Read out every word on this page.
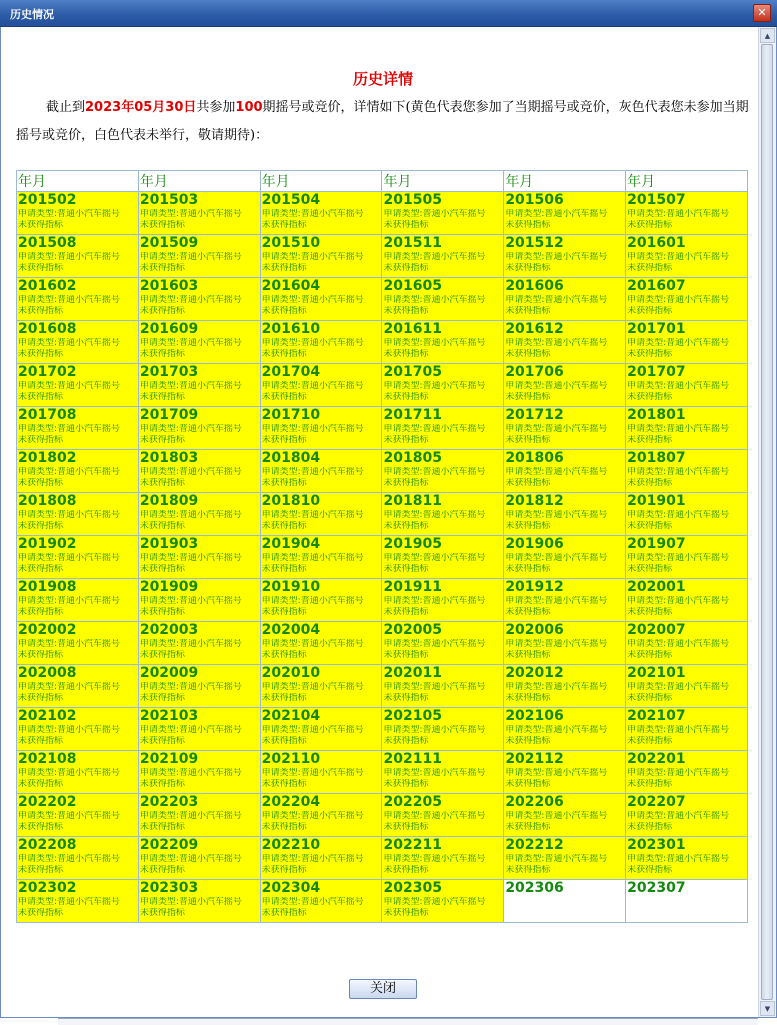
历史情况	✕
历史详情
截止到2023年05月30日共参加100期摇号或竞价，详情如下(黄色代表您参加了当期摇号或竞价，灰色代表您未参加当期摇号或竞价，白色代表未举行，敬请期待)：
年月	年月	年月	年月	年月	年月

201502
申请类型:普通小汽车摇号
未获得指标	201503
申请类型:普通小汽车摇号
未获得指标	201504
申请类型:普通小汽车摇号
未获得指标	201505
申请类型:普通小汽车摇号
未获得指标	201506
申请类型:普通小汽车摇号
未获得指标	201507
申请类型:普通小汽车摇号
未获得指标

201508
申请类型:普通小汽车摇号
未获得指标	201509
申请类型:普通小汽车摇号
未获得指标	201510
申请类型:普通小汽车摇号
未获得指标	201511
申请类型:普通小汽车摇号
未获得指标	201512
申请类型:普通小汽车摇号
未获得指标	201601
申请类型:普通小汽车摇号
未获得指标

201602
申请类型:普通小汽车摇号
未获得指标	201603
申请类型:普通小汽车摇号
未获得指标	201604
申请类型:普通小汽车摇号
未获得指标	201605
申请类型:普通小汽车摇号
未获得指标	201606
申请类型:普通小汽车摇号
未获得指标	201607
申请类型:普通小汽车摇号
未获得指标

201608
申请类型:普通小汽车摇号
未获得指标	201609
申请类型:普通小汽车摇号
未获得指标	201610
申请类型:普通小汽车摇号
未获得指标	201611
申请类型:普通小汽车摇号
未获得指标	201612
申请类型:普通小汽车摇号
未获得指标	201701
申请类型:普通小汽车摇号
未获得指标

201702
申请类型:普通小汽车摇号
未获得指标	201703
申请类型:普通小汽车摇号
未获得指标	201704
申请类型:普通小汽车摇号
未获得指标	201705
申请类型:普通小汽车摇号
未获得指标	201706
申请类型:普通小汽车摇号
未获得指标	201707
申请类型:普通小汽车摇号
未获得指标

201708
申请类型:普通小汽车摇号
未获得指标	201709
申请类型:普通小汽车摇号
未获得指标	201710
申请类型:普通小汽车摇号
未获得指标	201711
申请类型:普通小汽车摇号
未获得指标	201712
申请类型:普通小汽车摇号
未获得指标	201801
申请类型:普通小汽车摇号
未获得指标

201802
申请类型:普通小汽车摇号
未获得指标	201803
申请类型:普通小汽车摇号
未获得指标	201804
申请类型:普通小汽车摇号
未获得指标	201805
申请类型:普通小汽车摇号
未获得指标	201806
申请类型:普通小汽车摇号
未获得指标	201807
申请类型:普通小汽车摇号
未获得指标

201808
申请类型:普通小汽车摇号
未获得指标	201809
申请类型:普通小汽车摇号
未获得指标	201810
申请类型:普通小汽车摇号
未获得指标	201811
申请类型:普通小汽车摇号
未获得指标	201812
申请类型:普通小汽车摇号
未获得指标	201901
申请类型:普通小汽车摇号
未获得指标

201902
申请类型:普通小汽车摇号
未获得指标	201903
申请类型:普通小汽车摇号
未获得指标	201904
申请类型:普通小汽车摇号
未获得指标	201905
申请类型:普通小汽车摇号
未获得指标	201906
申请类型:普通小汽车摇号
未获得指标	201907
申请类型:普通小汽车摇号
未获得指标

201908
申请类型:普通小汽车摇号
未获得指标	201909
申请类型:普通小汽车摇号
未获得指标	201910
申请类型:普通小汽车摇号
未获得指标	201911
申请类型:普通小汽车摇号
未获得指标	201912
申请类型:普通小汽车摇号
未获得指标	202001
申请类型:普通小汽车摇号
未获得指标

202002
申请类型:普通小汽车摇号
未获得指标	202003
申请类型:普通小汽车摇号
未获得指标	202004
申请类型:普通小汽车摇号
未获得指标	202005
申请类型:普通小汽车摇号
未获得指标	202006
申请类型:普通小汽车摇号
未获得指标	202007
申请类型:普通小汽车摇号
未获得指标

202008
申请类型:普通小汽车摇号
未获得指标	202009
申请类型:普通小汽车摇号
未获得指标	202010
申请类型:普通小汽车摇号
未获得指标	202011
申请类型:普通小汽车摇号
未获得指标	202012
申请类型:普通小汽车摇号
未获得指标	202101
申请类型:普通小汽车摇号
未获得指标

202102
申请类型:普通小汽车摇号
未获得指标	202103
申请类型:普通小汽车摇号
未获得指标	202104
申请类型:普通小汽车摇号
未获得指标	202105
申请类型:普通小汽车摇号
未获得指标	202106
申请类型:普通小汽车摇号
未获得指标	202107
申请类型:普通小汽车摇号
未获得指标

202108
申请类型:普通小汽车摇号
未获得指标	202109
申请类型:普通小汽车摇号
未获得指标	202110
申请类型:普通小汽车摇号
未获得指标	202111
申请类型:普通小汽车摇号
未获得指标	202112
申请类型:普通小汽车摇号
未获得指标	202201
申请类型:普通小汽车摇号
未获得指标

202202
申请类型:普通小汽车摇号
未获得指标	202203
申请类型:普通小汽车摇号
未获得指标	202204
申请类型:普通小汽车摇号
未获得指标	202205
申请类型:普通小汽车摇号
未获得指标	202206
申请类型:普通小汽车摇号
未获得指标	202207
申请类型:普通小汽车摇号
未获得指标

202208
申请类型:普通小汽车摇号
未获得指标	202209
申请类型:普通小汽车摇号
未获得指标	202210
申请类型:普通小汽车摇号
未获得指标	202211
申请类型:普通小汽车摇号
未获得指标	202212
申请类型:普通小汽车摇号
未获得指标	202301
申请类型:普通小汽车摇号
未获得指标

202302
申请类型:普通小汽车摇号
未获得指标	202303
申请类型:普通小汽车摇号
未获得指标	202304
申请类型:普通小汽车摇号
未获得指标	202305
申请类型:普通小汽车摇号
未获得指标	202306	202307
关闭
▲
▼
